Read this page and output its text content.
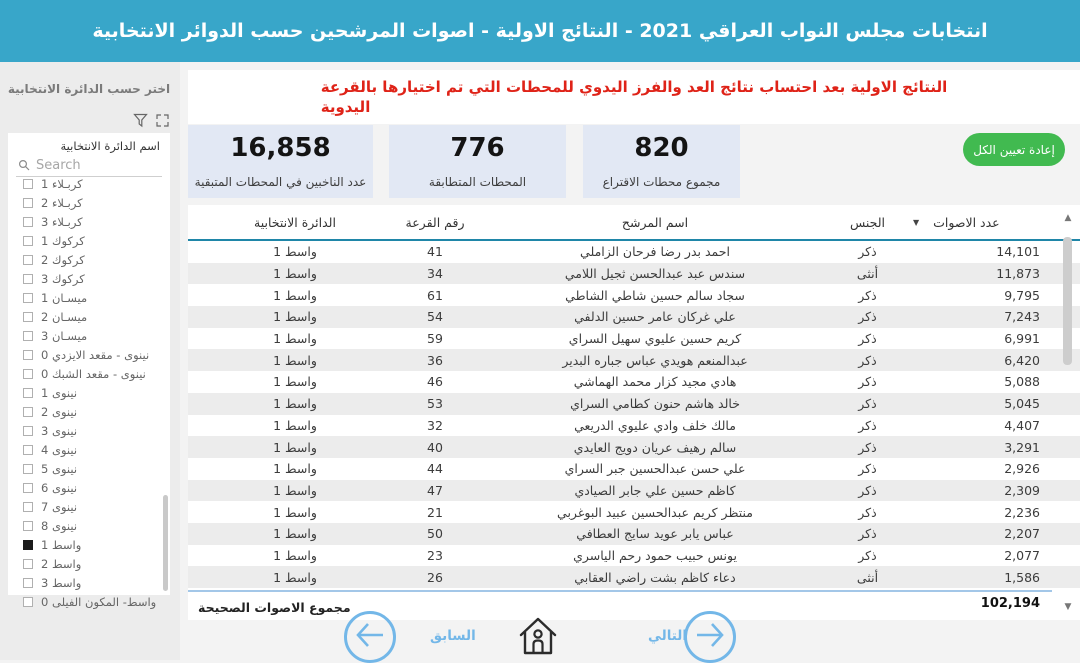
انتخابات مجلس النواب العراقي 2021 - النتائج الاولية - اصوات المرشحين حسب الدوائر الانتخابية
اختر حسب الدائرة الانتخابية
اسم الدائرة الانتخابية
Search
كربـلاء 1
كربـلاء 2
كربـلاء 3
كركوك 1
كركوك 2
كركوك 3
ميسـان 1
ميسـان 2
ميسـان 3
نينوى - مقعد الايزدي 0
نينوى - مقعد الشبك 0
نينوى 1
نينوى 2
نينوى 3
نينوى 4
نينوى 5
نينوى 6
نينوى 7
نينوى 8
واسط 1
واسط 2
واسط 3
واسط- المكون الفيلى 0
النتائج الاولية بعد احتساب نتائج العد والفرز اليدوي للمحطات التي تم اختيارها بالقرعة
اليدوية
16,858
عدد الناخبين في المحطات المتبقية
776
المحطات المتطابقة
820
مجموع محطات الاقتراع
إعادة تعيين الكل
الدائرة الانتخابية	رقم القرعة	اسم المرشح	الجنس	▼ عدد الاصوات
واسط 1	41	احمد بدر رضا فرحان الزاملي	ذكر	14,101
واسط 1	34	سندس عبد عبدالحسن ثجيل اللامي	أنثى	11,873
واسط 1	61	سجاد سالم حسين شاطي الشاطي	ذكر	9,795
واسط 1	54	علي غركان عامر حسين الدلفي	ذكر	7,243
واسط 1	59	كريم حسين عليوي سهيل السراي	ذكر	6,991
واسط 1	36	عبدالمنعم هويدي عباس جباره البدير	ذكر	6,420
واسط 1	46	هادي مجيد كزار محمد الهماشي	ذكر	5,088
واسط 1	53	خالد هاشم حنون كطامي السراي	ذكر	5,045
واسط 1	32	مالك خلف وادي عليوي الدريعي	ذكر	4,407
واسط 1	40	سالم رهيف عريان دويج العايدي	ذكر	3,291
واسط 1	44	علي حسن عبدالحسين جبر السراي	ذكر	2,926
واسط 1	47	كاظم حسين علي جابر الصيادي	ذكر	2,309
واسط 1	21	منتظر كريم عبدالحسين عبيد البوغربي	ذكر	2,236
واسط 1	50	عباس يابر عويد سايج العطافي	ذكر	2,207
واسط 1	23	يونس حبيب حمود رحم الياسري	ذكر	2,077
واسط 1	26	دعاء كاظم بشت راضي العقابي	أنثى	1,586
مجموع الاصوات الصحيحة	102,194
▲
▼
السابق	التالي
